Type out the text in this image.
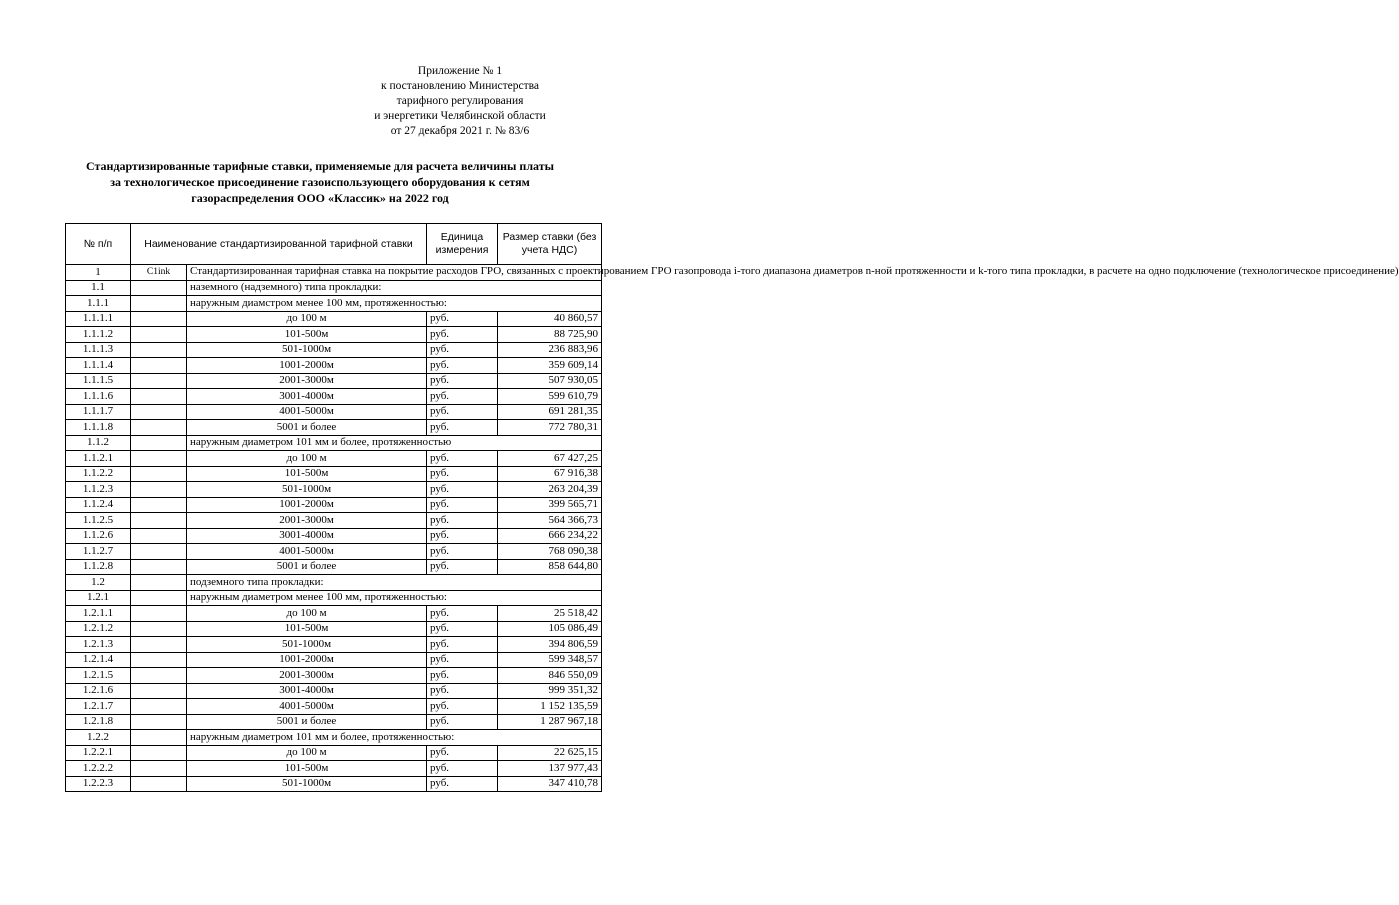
Приложение № 1
к постановлению Министерства
тарифного регулирования
и энергетики Челябинской области
от 27 декабря 2021 г. № 83/6
Стандартизированные тарифные ставки, применяемые для расчета величины платы
за технологическое присоединение газоиспользующего оборудования к сетям
газораспределения ООО «Классик» на 2022 год
№ п/п	Наименование стандартизированной тарифной ставки		Единица измерения	Размер ставки (без учета НДС)
1	C1ink	Стандартизированная тарифная ставка на покрытие расходов ГРО, связанных с проектированием ГРО газопровода i-того диапазона диаметров n-ной протяженности и k-того типа прокладки, в расчете на одно подключение (технологическое присоединение)		
1.1		наземного (надземного) типа прокладки:		
1.1.1		наружным диамстром менее 100 мм, протяженностью:		
1.1.1.1		до 100 м	руб.	40 860,57
1.1.1.2		101-500м	руб.	88 725,90
1.1.1.3		501-1000м	руб.	236 883,96
1.1.1.4		1001-2000м	руб.	359 609,14
1.1.1.5		2001-3000м	руб.	507 930,05
1.1.1.6		3001-4000м	руб.	599 610,79
1.1.1.7		4001-5000м	руб.	691 281,35
1.1.1.8		5001 и более	руб.	772 780,31
1.1.2		наружным диаметром 101 мм и более, протяженностью		
1.1.2.1		до 100 м	руб.	67 427,25
1.1.2.2		101-500м	руб.	67 916,38
1.1.2.3		501-1000м	руб.	263 204,39
1.1.2.4		1001-2000м	руб.	399 565,71
1.1.2.5		2001-3000м	руб.	564 366,73
1.1.2.6		3001-4000м	руб.	666 234,22
1.1.2.7		4001-5000м	руб.	768 090,38
1.1.2.8		5001 и более	руб.	858 644,80
1.2		подземного типа прокладки:		
1.2.1		наружным диаметром менее 100 мм, протяженностью:		
1.2.1.1		до 100 м	руб.	25 518,42
1.2.1.2		101-500м	руб.	105 086,49
1.2.1.3		501-1000м	руб.	394 806,59
1.2.1.4		1001-2000м	руб.	599 348,57
1.2.1.5		2001-3000м	руб.	846 550,09
1.2.1.6		3001-4000м	руб.	999 351,32
1.2.1.7		4001-5000м	руб.	1 152 135,59
1.2.1.8		5001 и более	руб.	1 287 967,18
1.2.2		наружным диаметром 101 мм и более, протяженностью:		
1.2.2.1		до 100 м	руб.	22 625,15
1.2.2.2		101-500м	руб.	137 977,43
1.2.2.3		501-1000м	руб.	347 410,78
